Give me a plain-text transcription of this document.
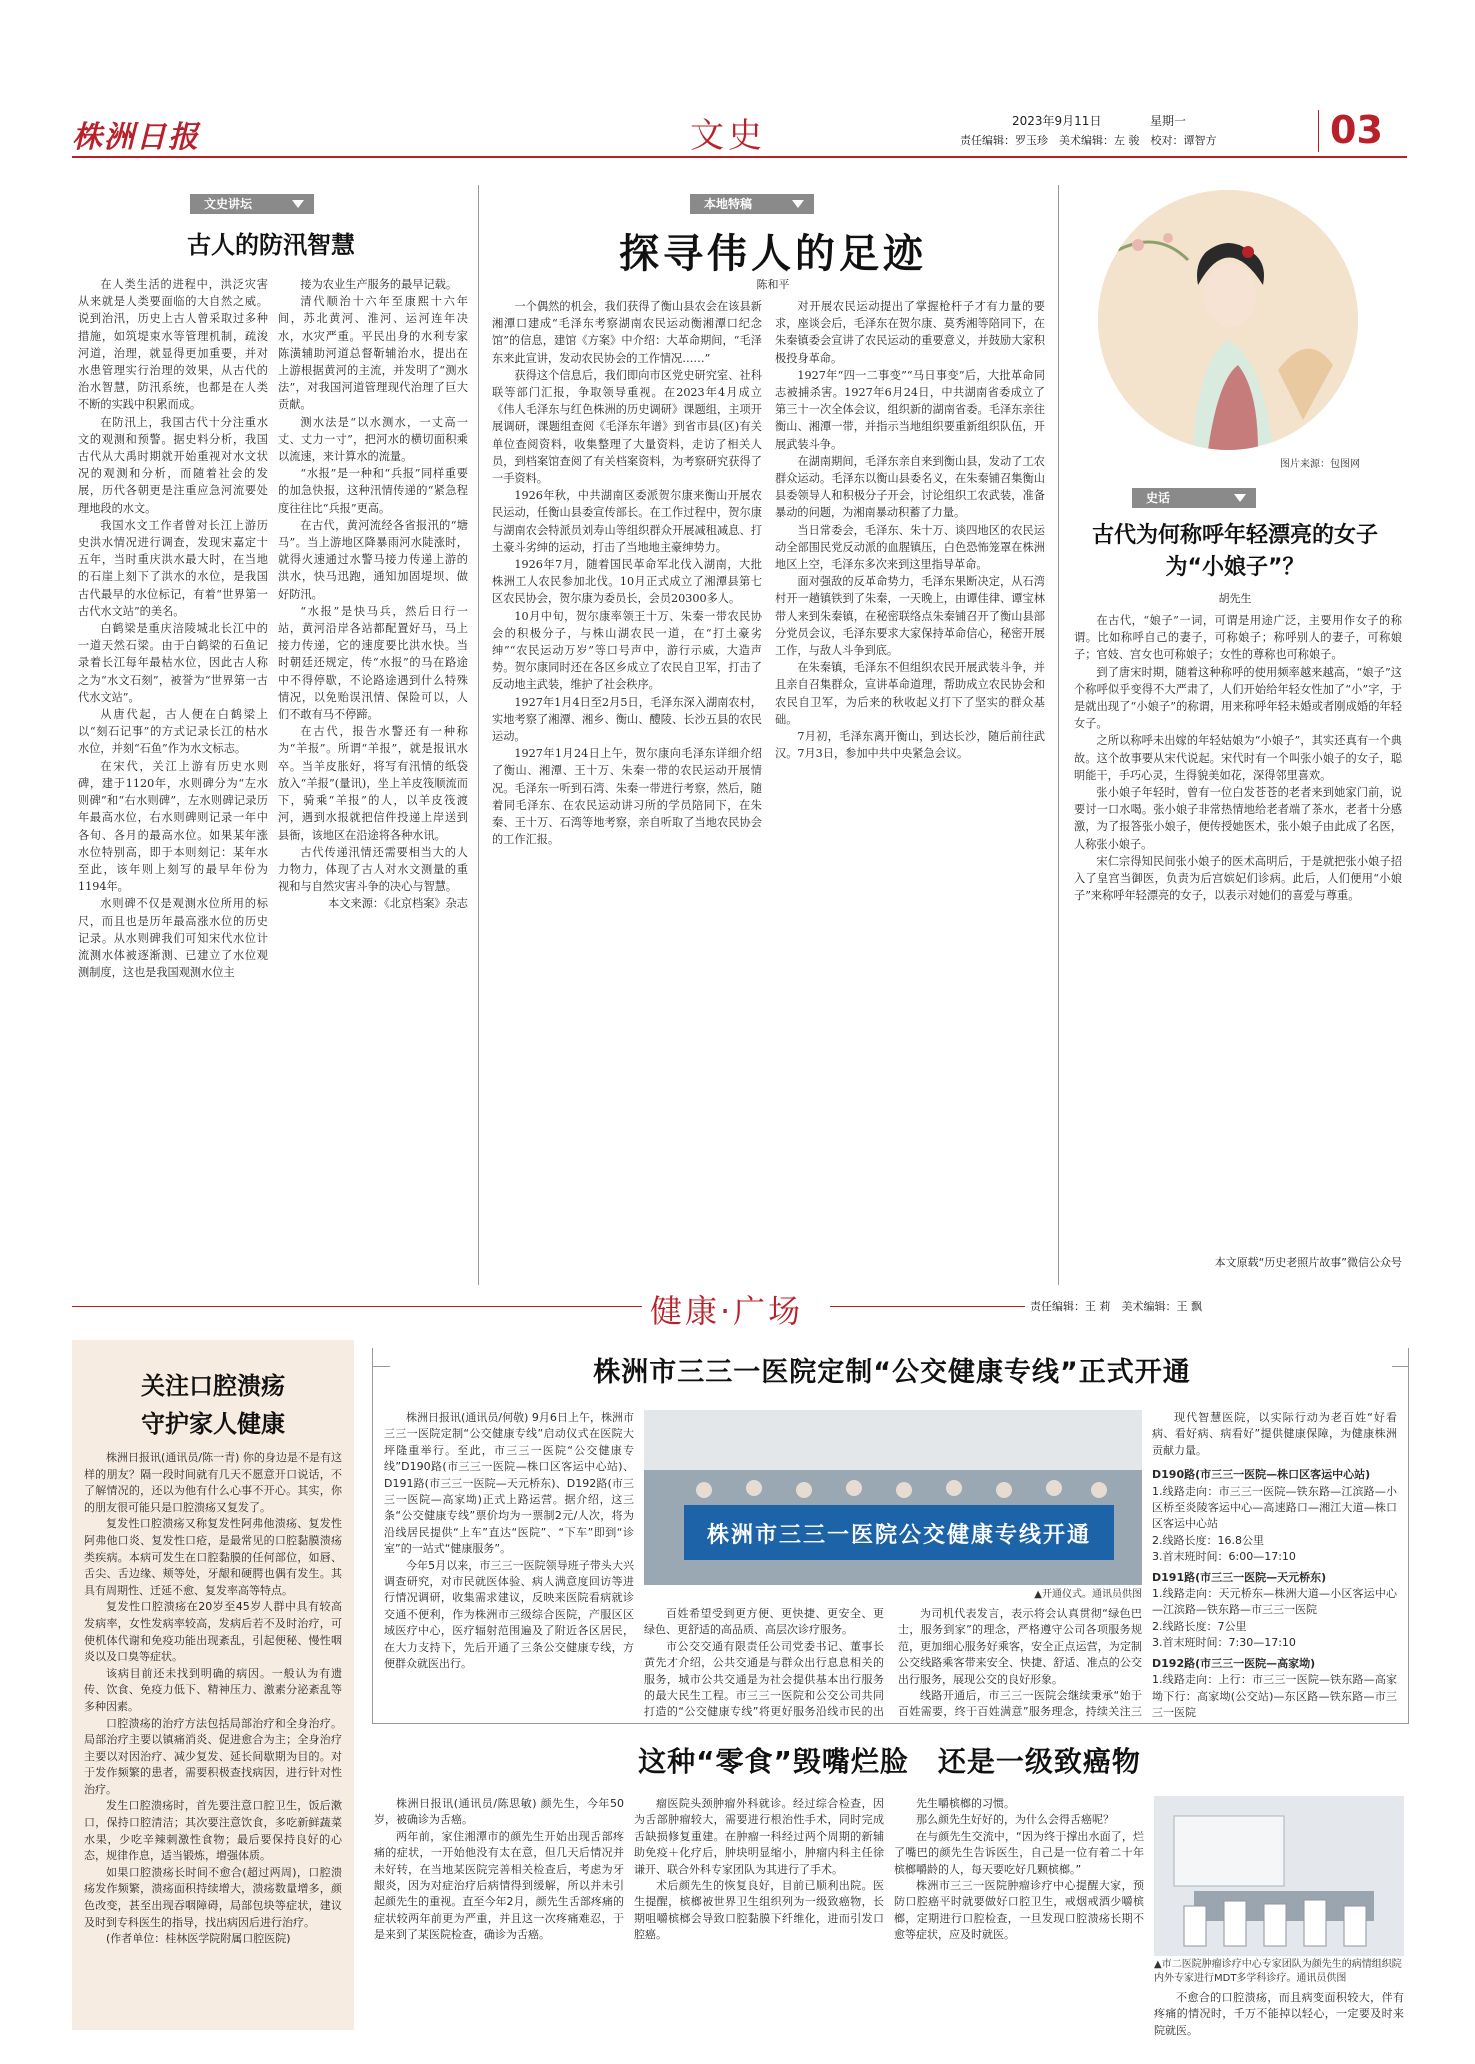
株洲日报	文史	2023年9月11日	星期一
责任编辑：罗玉珍　美术编辑：左 骏　校对：谭智方	03
文史讲坛
古人的防汛智慧

在人类生活的进程中，洪泛灾害从来就是人类要面临的大自然之威。说到治汛，历史上古人曾采取过多种措施，如筑堤束水等管理机制，疏浚河道，治理，就显得更加重要，并对水患管理实行治理的效果，从古代的治水智慧，防汛系统，也都是在人类不断的实践中积累而成。

在防汛上，我国古代十分注重水文的观测和预警。据史料分析，我国古代从大禹时期就开始重视对水文状况的观测和分析，而随着社会的发展，历代各朝更是注重应急河流要处理地段的水文。

我国水文工作者曾对长江上游历史洪水情况进行调查，发现宋嘉定十五年，当时重庆洪水最大时，在当地的石崖上刻下了洪水的水位，是我国古代最早的水位标记，有着“世界第一古代水文站”的美名。

白鹤梁是重庆涪陵城北长江中的一道天然石梁。由于白鹤梁的石鱼记录着长江每年最枯水位，因此古人称之为“水文石刻”，被誉为“世界第一古代水文站”。

从唐代起，古人便在白鹤梁上以“刻石记事”的方式记录长江的枯水水位，并刻“石鱼”作为水文标志。

在宋代，关江上游有历史水则碑，建于1120年，水则碑分为“左水则碑”和“右水则碑”，左水则碑记录历年最高水位，右水则碑则记录一年中各旬、各月的最高水位。如果某年涨水位特别高，即于本则刻记：某年水至此，该年则上刻写的最早年份为1194年。

水则碑不仅是观测水位所用的标尺，而且也是历年最高涨水位的历史记录。从水则碑我们可知宋代水位计流测水体被逐渐测、已建立了水位观测制度，这也是我国观测水位主

接为农业生产服务的最早记载。

清代顺治十六年至康熙十六年间，苏北黄河、淮河、运河连年决水，水灾严重。平民出身的水利专家陈潢辅助河道总督靳辅治水，提出在上游根据黄河的主流，并发明了“测水法”，对我国河道管理现代治理了巨大贡献。

测水法是“以水测水，一丈高一丈、丈力一寸”，把河水的横切面积乘以流速，来计算水的流量。

“水报”是一种和“兵报”同样重要的加急快报，这种汛情传递的“紧急程度往往比“兵报”更高。

在古代，黄河流经各省报汛的“塘马”。当上游地区降暴雨河水陡涨时，就得火速通过水警马接力传递上游的洪水，快马迅跑，通知加固堤坝、做好防汛。

“水报”是快马兵，然后日行一站，黄河沿岸各站都配置好马，马上接力传递，它的速度要比洪水快。当时朝廷还规定，传“水报”的马在路途中不得停歇，不论路途遇到什么特殊情况，以免贻误汛情、保险可以，人们不敢有马不停蹄。

在古代，报告水警还有一种称为“羊报”。所谓“羊报”，就是报讯水卒。当羊皮胀好，将写有汛情的纸袋放入“羊报”(量讯)，坐上羊皮筏顺流而下，骑乘“羊报”的人，以羊皮筏渡河，遇到水报就把信件投递上岸送到县衙，该地区在沿途将各种水讯。

古代传递汛情还需要相当大的人力物力，体现了古人对水文测量的重视和与自然灾害斗争的决心与智慧。

本文来源：《北京档案》杂志

本地特稿
探寻伟人的足迹
陈和平

一个偶然的机会，我们获得了衡山县农会在该县新湘潭口建成“毛泽东考察湖南农民运动衡湘潭口纪念馆”的信息，建馆《方案》中介绍：大革命期间，“毛泽东来此宣讲，发动农民协会的工作情况……”

获得这个信息后，我们即向市区党史研究室、社科联等部门汇报，争取领导重视。在2023年4月成立《伟人毛泽东与红色株洲的历史调研》课题组，主项开展调研，课题组查阅《毛泽东年谱》到省市县(区)有关单位查阅资料，收集整理了大量资料，走访了相关人员，到档案馆查阅了有关档案资料，为考察研究获得了一手资料。

1926年秋，中共湖南区委派贺尔康来衡山开展农民运动，任衡山县委宣传部长。在工作过程中，贺尔康与湖南农会特派员刘寿山等组织群众开展减租减息、打土豪斗劣绅的运动，打击了当地地主豪绅势力。

1926年7月，随着国民革命军北伐入湖南，大批株洲工人农民参加北伐。10月正式成立了湘潭县第七区农民协会，贺尔康为委员长，会员20300多人。

10月中旬，贺尔康率领王十万、朱秦一带农民协会的积极分子，与株山湖农民一道，在“打土豪劣绅”“农民运动万岁”等口号声中，游行示威，大造声势。贺尔康同时还在各区乡成立了农民自卫军，打击了反动地主武装，维护了社会秩序。

1927年1月4日至2月5日，毛泽东深入湖南农村，实地考察了湘潭、湘乡、衡山、醴陵、长沙五县的农民运动。

1927年1月24日上午，贺尔康向毛泽东详细介绍了衡山、湘潭、王十万、朱秦一带的农民运动开展情况。毛泽东一听到石湾、朱秦一带进行考察，然后，随着同毛泽东、在农民运动讲习所的学员陪同下，在朱秦、王十万、石湾等地考察，亲自听取了当地农民协会的工作汇报。

对开展农民运动提出了掌握枪杆子才有力量的要求，座谈会后，毛泽东在贺尔康、莫秀湘等陪同下，在朱秦镇委会宣讲了农民运动的重要意义，并鼓励大家积极投身革命。

1927年“四一二事变”“马日事变”后，大批革命同志被捕杀害。1927年6月24日，中共湖南省委成立了第三十一次全体会议，组织新的湖南省委。毛泽东亲往衡山、湘潭一带，并指示当地组织要重新组织队伍，开展武装斗争。

在湖南期间，毛泽东亲自来到衡山县，发动了工农群众运动。毛泽东以衡山县委名义，在朱秦铺召集衡山县委领导人和积极分子开会，讨论组织工农武装，准备暴动的问题，为湘南暴动积蓄了力量。

当日常委会，毛泽东、朱十万、谈四地区的农民运动全部围民党反动派的血腥镇压，白色恐怖笼罩在株洲地区上空，毛泽东多次来到这里指导革命。

面对强敌的反革命势力，毛泽东果断决定，从石湾村开一趟镇铁到了朱秦，一天晚上，由谭佳律、谭宝林带人来到朱秦镇，在秘密联络点朱秦铺召开了衡山县部分党员会议，毛泽东要求大家保持革命信心，秘密开展工作，与敌人斗争到底。

在朱秦镇，毛泽东不但组织农民开展武装斗争，并且亲自召集群众，宣讲革命道理，帮助成立农民协会和农民自卫军，为后来的秋收起义打下了坚实的群众基础。

7月初，毛泽东离开衡山，到达长沙，随后前往武汉。7月3日，参加中共中央紧急会议。

图片来源：包图网
史话
古代为何称呼年轻漂亮的女子为“小娘子”？
胡先生

在古代，“娘子”一词，可谓是用途广泛，主要用作女子的称谓。比如称呼自己的妻子，可称娘子；称呼别人的妻子，可称娘子；官妓、宫女也可称娘子；女性的尊称也可称娘子。

到了唐宋时期，随着这种称呼的使用频率越来越高，“娘子”这个称呼似乎变得不大严肃了，人们开始给年轻女性加了“小”字，于是就出现了“小娘子”的称谓，用来称呼年轻未婚或者刚成婚的年轻女子。

之所以称呼未出嫁的年轻姑娘为“小娘子”，其实还真有一个典故。这个故事要从宋代说起。宋代时有一个叫张小娘子的女子，聪明能干，手巧心灵，生得貌美如花，深得邻里喜欢。

张小娘子年轻时，曾有一位白发苍苍的老者来到她家门前，说要讨一口水喝。张小娘子非常热情地给老者端了茶水，老者十分感激，为了报答张小娘子，便传授她医术，张小娘子由此成了名医，人称张小娘子。

宋仁宗得知民间张小娘子的医术高明后，于是就把张小娘子招入了皇宫当御医，负责为后宫嫔妃们诊病。此后，人们便用“小娘子”来称呼年轻漂亮的女子，以表示对她们的喜爱与尊重。

本文原载“历史老照片故事”微信公众号
健康·广场	责任编辑：王 莉　美术编辑：王 飘
关注口腔溃疡
守护家人健康

株洲日报讯(通讯员/陈一青) 你的身边是不是有这样的朋友？隔一段时间就有几天不愿意开口说话，不了解情况的，还以为他有什么心事不开心。其实，你的朋友很可能只是口腔溃疡又复发了。

复发性口腔溃疡又称复发性阿弗他溃疡、复发性阿弗他口炎、复发性口疮，是最常见的口腔黏膜溃疡类疾病。本病可发生在口腔黏膜的任何部位，如唇、舌尖、舌边缘、颊等处，牙龈和硬腭也偶有发生。其具有周期性、迁延不愈、复发率高等特点。

复发性口腔溃疡在20岁至45岁人群中具有较高发病率，女性发病率较高，发病后若不及时治疗，可使机体代谢和免疫功能出现紊乱，引起便秘、慢性咽炎以及口臭等症状。

该病目前还未找到明确的病因。一般认为有遗传、饮食、免疫力低下、精神压力、激素分泌紊乱等多种因素。

口腔溃疡的治疗方法包括局部治疗和全身治疗。局部治疗主要以镇痛消炎、促进愈合为主；全身治疗主要以对因治疗、减少复发、延长间歇期为目的。对于发作频繁的患者，需要积极查找病因，进行针对性治疗。

发生口腔溃疡时，首先要注意口腔卫生，饭后漱口，保持口腔清洁；其次要注意饮食，多吃新鲜蔬菜水果，少吃辛辣刺激性食物；最后要保持良好的心态，规律作息，适当锻炼，增强体质。

如果口腔溃疡长时间不愈合(超过两周)，口腔溃疡发作频繁，溃疡面积持续增大，溃疡数量增多，颜色改变，甚至出现吞咽障碍，局部包块等症状，建议及时到专科医生的指导，找出病因后进行治疗。

(作者单位：桂林医学院附属口腔医院)

株洲市三三一医院定制“公交健康专线”正式开通

株洲日报讯(通讯员/何敬) 9月6日上午，株洲市三三一医院定制“公交健康专线”启动仪式在医院大坪隆重举行。至此，市三三一医院“公交健康专线”D190路(市三三一医院—株口区客运中心站)、D191路(市三三一医院—天元桥东)、D192路(市三三一医院—高家坳)正式上路运营。据介绍，这三条“公交健康专线”票价均为一票制2元/人次，将为沿线居民提供“上车”直达“医院”、“下车”即到“诊室”的一站式“健康服务”。

今年5月以来，市三三一医院领导班子带头大兴调查研究，对市民就医体验、病人满意度回访等进行情况调研，收集需求建议，反映来医院看病就诊交通不便利，作为株洲市三级综合医院，产服区区域医疗中心，医疗辐射范围遍及了附近各区居民，在大力支持下，先后开通了三条公交健康专线，方便群众就医出行。

株洲市三三一医院公交健康专线开通
▲开通仪式。通讯员供图

百姓希望受到更方便、更快捷、更安全、更绿色、更舒适的高品质、高层次诊疗服务。

市公交交通有限责任公司党委书记、董事长黄先才介绍，公共交通是与群众出行息息相关的服务，城市公共交通是为社会提供基本出行服务的最大民生工程。市三三一医院和公交公司共同打造的“公交健康专线”将更好服务沿线市民的出

为司机代表发言，表示将会认真贯彻“绿色巴士，服务到家”的理念，严格遵守公司各项服务规范，更加细心服务好乘客，安全正点运营，为定制公交线路乘客带来安全、快捷、舒适、准点的公交出行服务，展现公交的良好形象。

线路开通后，市三三一医院会继续秉承“始于百姓需要，终于百姓满意”服务理念，持续关注三

现代智慧医院，以实际行动为老百姓“好看病、看好病、病看好”提供健康保障，为健康株洲贡献力量。

D190路(市三三一医院—株口区客运中心站)
1.线路走向：市三三一医院—铁东路—江滨路—小区桥至炎陵客运中心—高速路口—湘江大道—株口区客运中心站
2.线路长度：16.8公里
3.首末班时间：6:00—17:10
D191路(市三三一医院—天元桥东)
1.线路走向：天元桥东—株洲大道—小区客运中心—江滨路—铁东路—市三三一医院
2.线路长度：7公里
3.首末班时间：7:30—17:10
D192路(市三三一医院—高家坳)
1.线路走向：上行：市三三一医院—铁东路—高家坳下行：高家坳(公交站)—东区路—铁东路—市三三一医院
这种“零食”毁嘴烂脸　还是一级致癌物

株洲日报讯(通讯员/陈思敏) 颜先生，今年50岁，被确诊为舌癌。

两年前，家住湘潭市的颜先生开始出现舌部疼痛的症状，一开始他没有太在意，但几天后情况并未好转，在当地某医院完善相关检查后，考虑为牙龈炎，因为对症治疗后病情得到缓解，所以并未引起颜先生的重视。直至今年2月，颜先生舌部疼痛的症状较两年前更为严重，并且这一次疼痛难忍，于是来到了某医院检查，确诊为舌癌。

瘤医院头颈肿瘤外科就诊。经过综合检查，因为舌部肿瘤较大，需要进行根治性手术，同时完成舌缺损修复重建。在肿瘤一科经过两个周期的新辅助免疫＋化疗后，肿块明显缩小，肿瘤内科主任徐谦开、联合外科专家团队为其进行了手术。

术后颜先生的恢复良好，目前已顺利出院。医生提醒，槟榔被世界卫生组织列为一级致癌物，长期咀嚼槟榔会导致口腔黏膜下纤维化，进而引发口腔癌。

先生嚼槟榔的习惯。

那么颜先生好好的，为什么会得舌癌呢？

在与颜先生交流中，“因为终于撑出水面了，烂了嘴巴的颜先生告诉医生，自己是一位有着二十年槟榔嚼龄的人，每天要吃好几颗槟榔。”

株洲市三三一医院肿瘤诊疗中心提醒大家，预防口腔癌平时就要做好口腔卫生，戒烟戒酒少嚼槟榔，定期进行口腔检查，一旦发现口腔溃疡长期不愈等症状，应及时就医。

▲市二医院肿瘤诊疗中心专家团队为颜先生的病情组织院内外专家进行MDT多学科诊疗。通讯员供图

不愈合的口腔溃疡，而且病变面积较大，伴有疼痛的情况时，千万不能掉以轻心，一定要及时来院就医。
